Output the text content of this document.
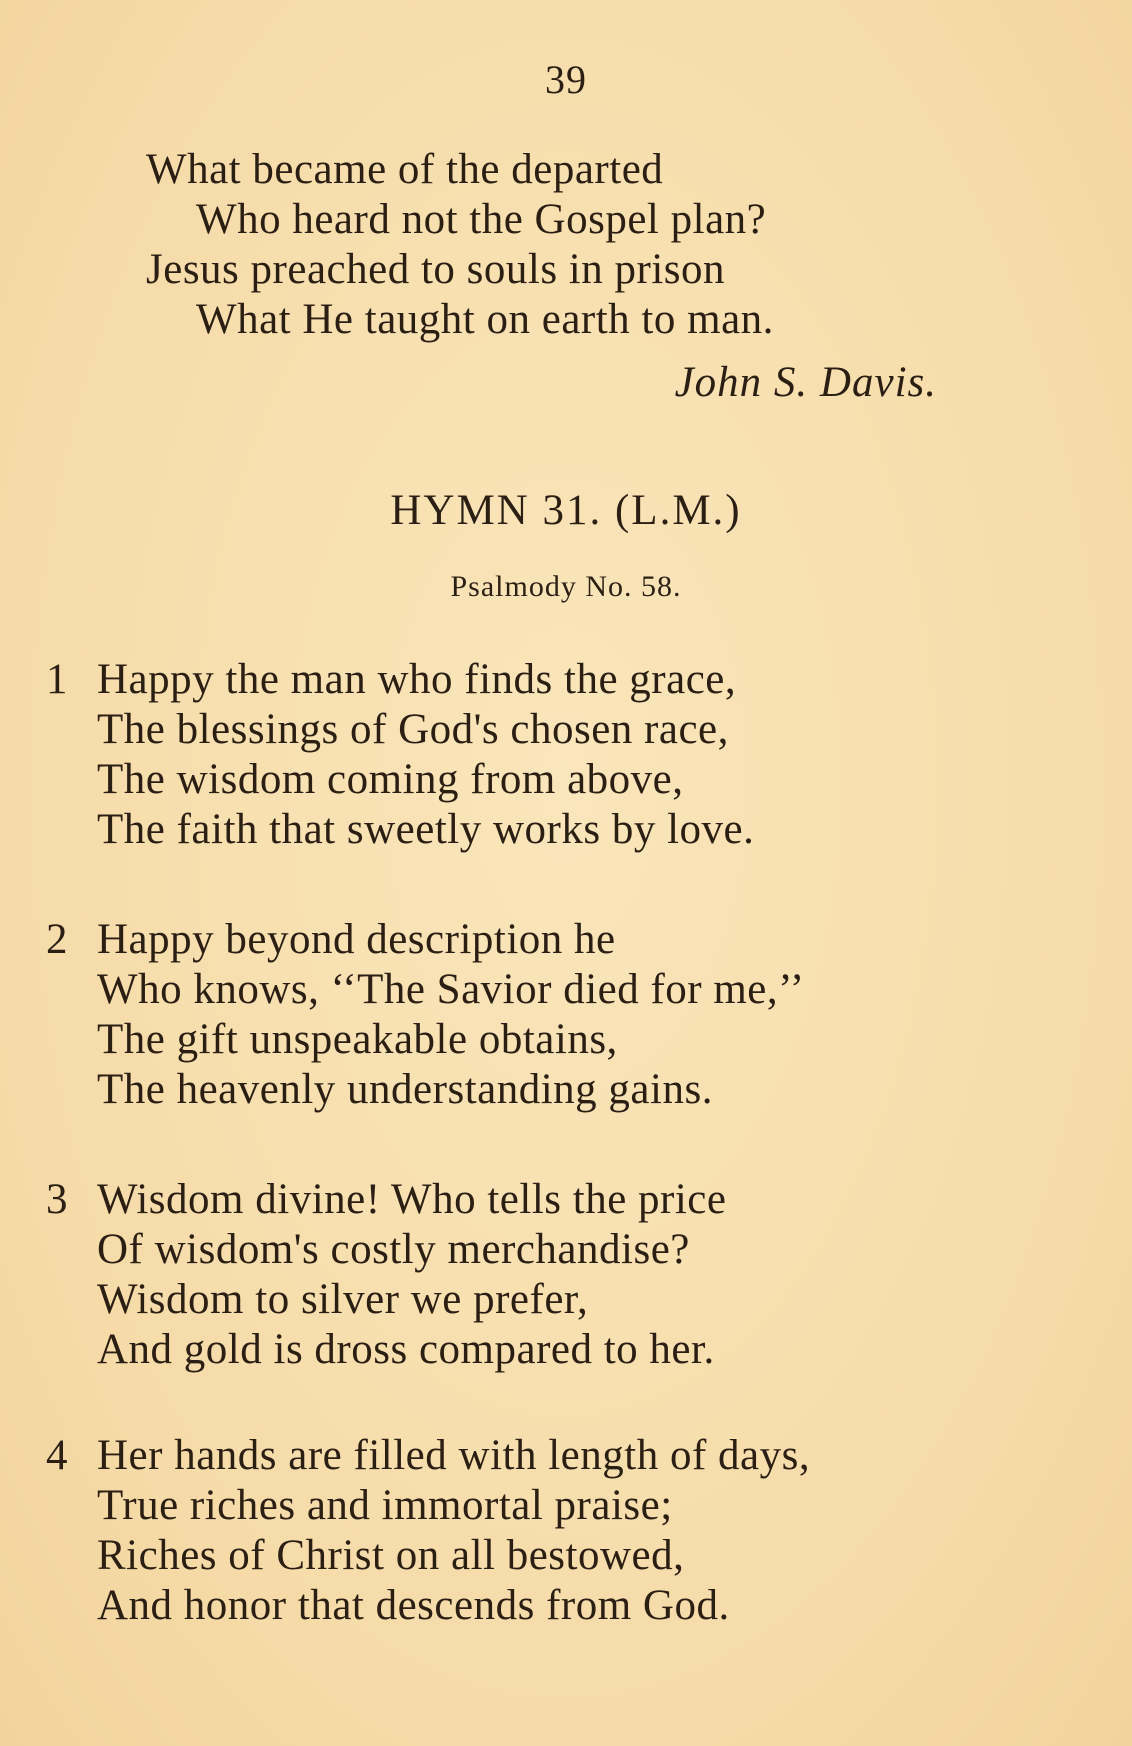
39
What became of the departed
Who heard not the Gospel plan?
Jesus preached to souls in prison
What He taught on earth to man.
John S. Davis.
HYMN 31. (L.M.)
Psalmody No. 58.
1 Happy the man who finds the grace,
The blessings of God's chosen race,
The wisdom coming from above,
The faith that sweetly works by love.
2 Happy beyond description he
Who knows, ‘‘The Savior died for me,’’
The gift unspeakable obtains,
The heavenly understanding gains.
3 Wisdom divine! Who tells the price
Of wisdom's costly merchandise?
Wisdom to silver we prefer,
And gold is dross compared to her.
4 Her hands are filled with length of days,
True riches and immortal praise;
Riches of Christ on all bestowed,
And honor that descends from God.
